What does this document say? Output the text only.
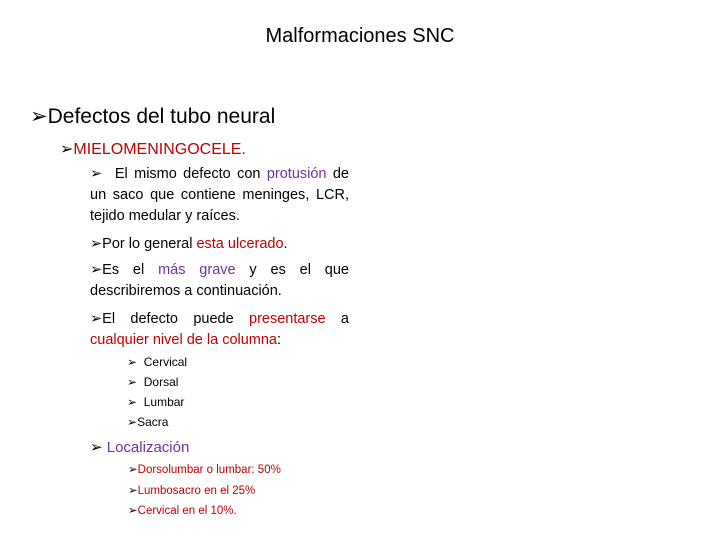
Malformaciones SNC
➢Defectos del tubo neural
➢MIELOMENINGOCELE.
➢ El mismo defecto con protusión de un saco que contiene meninges, LCR, tejido medular y raíces.
➢Por lo general esta ulcerado.
➢Es el más grave y es el que describiremos a continuación.
➢El defecto puede presentarse a cualquier nivel de la columna:
➢ Cervical
➢ Dorsal
➢ Lumbar
➢Sacra
➢ Localización
➢Dorsolumbar o lumbar: 50%
➢Lumbosacro en el 25%
➢Cervical en el 10%.
